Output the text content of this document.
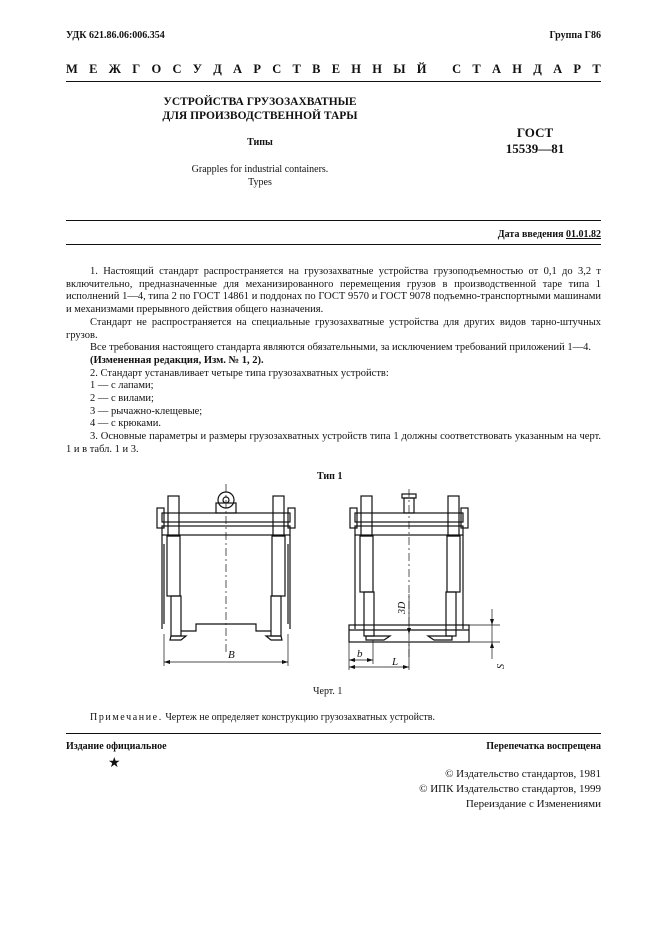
УДК 621.86.06:006.354	Группа Г86
М Е Ж Г О С У Д А Р С Т В Е Н Н Ы Й
С Т А Н Д А Р Т
УСТРОЙСТВА ГРУЗОЗАХВАТНЫЕ
ДЛЯ ПРОИЗВОДСТВЕННОЙ ТАРЫ
Типы
Grapples for industrial containers.
Types
ГОСТ
15539—81
Дата введения 01.01.82

1. Настоящий стандарт распространяется на грузозахватные устройства грузоподъемностью от 0,1 до 3,2 т включительно, предназначенные для механизированного перемещения грузов в производственной таре типа 1 исполнений 1—4, типа 2 по ГОСТ 14861 и поддонах по ГОСТ 9570 и ГОСТ 9078 подъемно-транспортными машинами и механизмами прерывного действия общего назначения.

Стандарт не распространяется на специальные грузозахватные устройства для других видов тарно-штучных грузов.

Все требования настоящего стандарта являются обязательными, за исключением требований приложений 1—4.

(Измененная редакция, Изм. № 1, 2).

2. Стандарт устанавливает четыре типа грузозахватных устройств:

1 — с лапами;

2 — с вилами;

3 — рычажно-клещевые;

4 — с крюками.

3. Основные параметры и размеры грузозахватных устройств типа 1 должны соответствовать указанным на черт. 1 и в табл. 1 и 3.

Тип 1
B	b
L
3D
S
Черт. 1
Примечание. Чертеж не определяет конструкцию грузозахватных устройств.
Издание официальное	Перепечатка воспрещена
★
© Издательство стандартов, 1981
© ИПК Издательство стандартов, 1999
Переиздание с Изменениями
